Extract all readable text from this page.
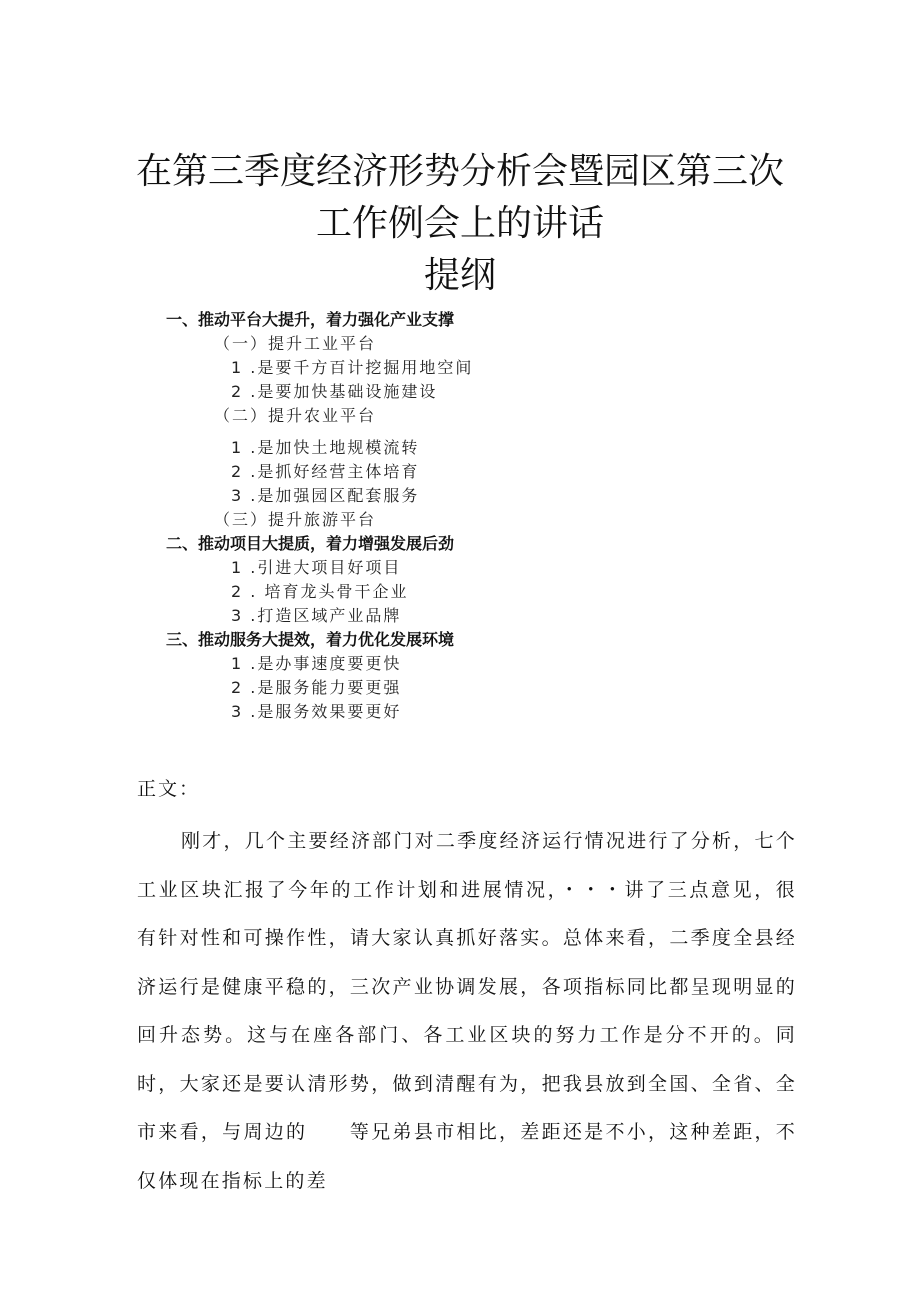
在第三季度经济形势分析会暨园区第三次
工作例会上的讲话
提纲
一、推动平台大提升，着力强化产业支撑
（一）提升工业平台
1 .是要千方百计挖掘用地空间
2 .是要加快基础设施建设
（二）提升农业平台
1 .是加快土地规模流转
2 .是抓好经营主体培育
3 .是加强园区配套服务
（三）提升旅游平台
二、推动项目大提质，着力增强发展后劲
1 .引进大项目好项目
2 . 培育龙头骨干企业
3 .打造区域产业品牌
三、推动服务大提效，着力优化发展环境
1 .是办事速度要更快
2 .是服务能力要更强
3 .是服务效果要更好
正文：

刚才，几个主要经济部门对二季度经济运行情况进行了分析，七个工业区块汇报了今年的工作计划和进展情况，・・・讲了三点意见，很有针对性和可操作性，请大家认真抓好落实。总体来看，二季度全县经济运行是健康平稳的，三次产业协调发展，各项指标同比都呈现明显的回升态势。这与在座各部门、各工业区块的努力工作是分不开的。同时，大家还是要认清形势，做到清醒有为，把我县放到全国、全省、全市来看，与周边的　　等兄弟县市相比，差距还是不小，这种差距，不仅体现在指标上的差
